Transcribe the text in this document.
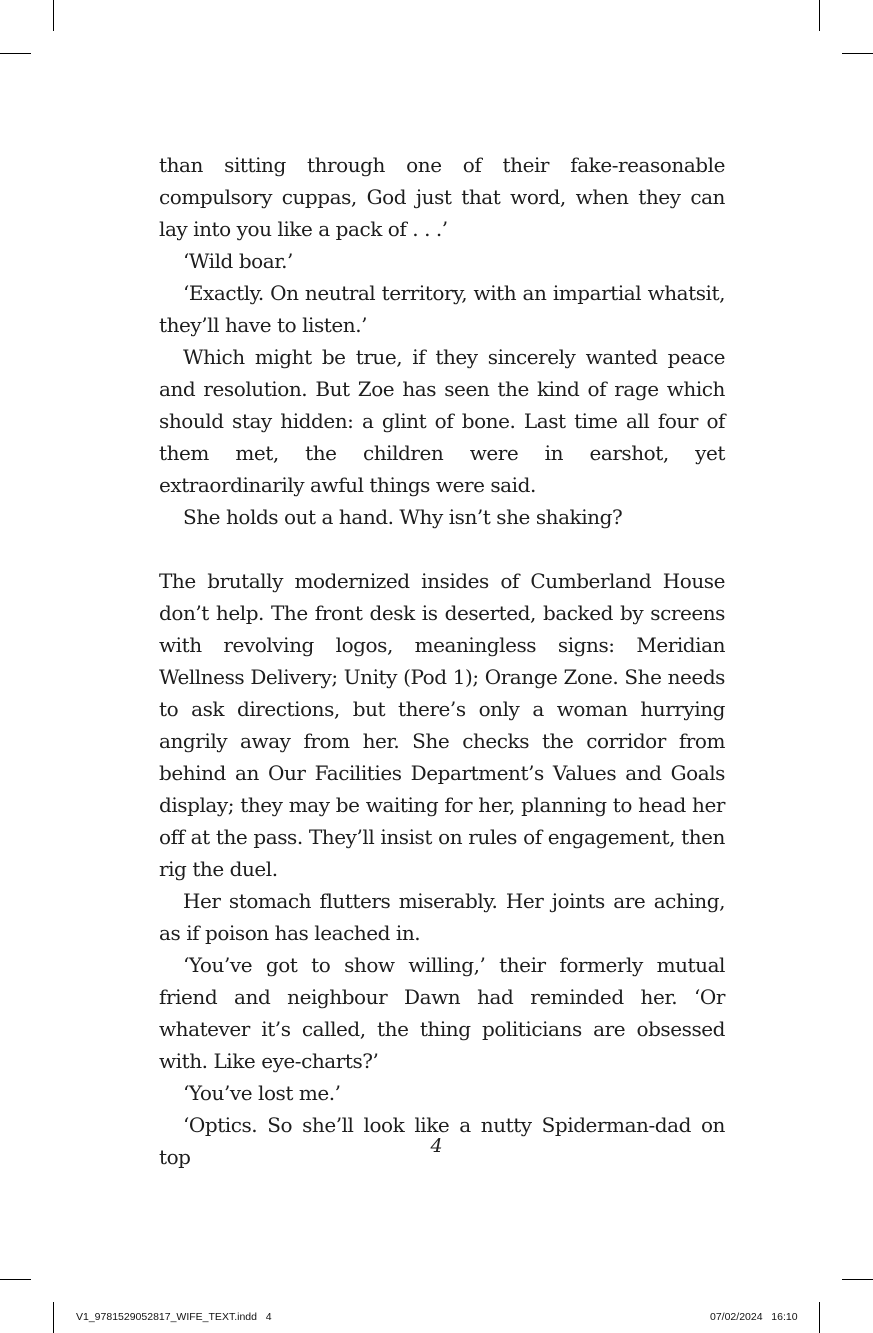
than sitting through one of their fake-reasonable compulsory cuppas, God just that word, when they can lay into you like a pack of . . .’

‘Wild boar.’

‘Exactly. On neutral territory, with an impartial whatsit, they’ll have to listen.’

Which might be true, if they sincerely wanted peace and resolution. But Zoe has seen the kind of rage which should stay hidden: a glint of bone. Last time all four of them met, the children were in earshot, yet extraordinarily awful things were said.

She holds out a hand. Why isn’t she shaking?

The brutally modernized insides of Cumberland House don’t help. The front desk is deserted, backed by screens with revolving logos, meaningless signs: Meridian Wellness Delivery; Unity (Pod 1); Orange Zone. She needs to ask directions, but there’s only a woman hurrying angrily away from her. She checks the corridor from behind an Our Facilities Department’s Values and Goals display; they may be waiting for her, planning to head her off at the pass. They’ll insist on rules of engagement, then rig the duel.

Her stomach flutters miserably. Her joints are aching, as if poison has leached in.

‘You’ve got to show willing,’ their formerly mutual friend and neighbour Dawn had reminded her. ‘Or whatever it’s called, the thing politicians are obsessed with. Like eye-charts?’

‘You’ve lost me.’

‘Optics. So she’ll look like a nutty Spiderman-dad on top	4
V1_9781529052817_WIFE_TEXT.indd   4	07/02/2024   16:10
